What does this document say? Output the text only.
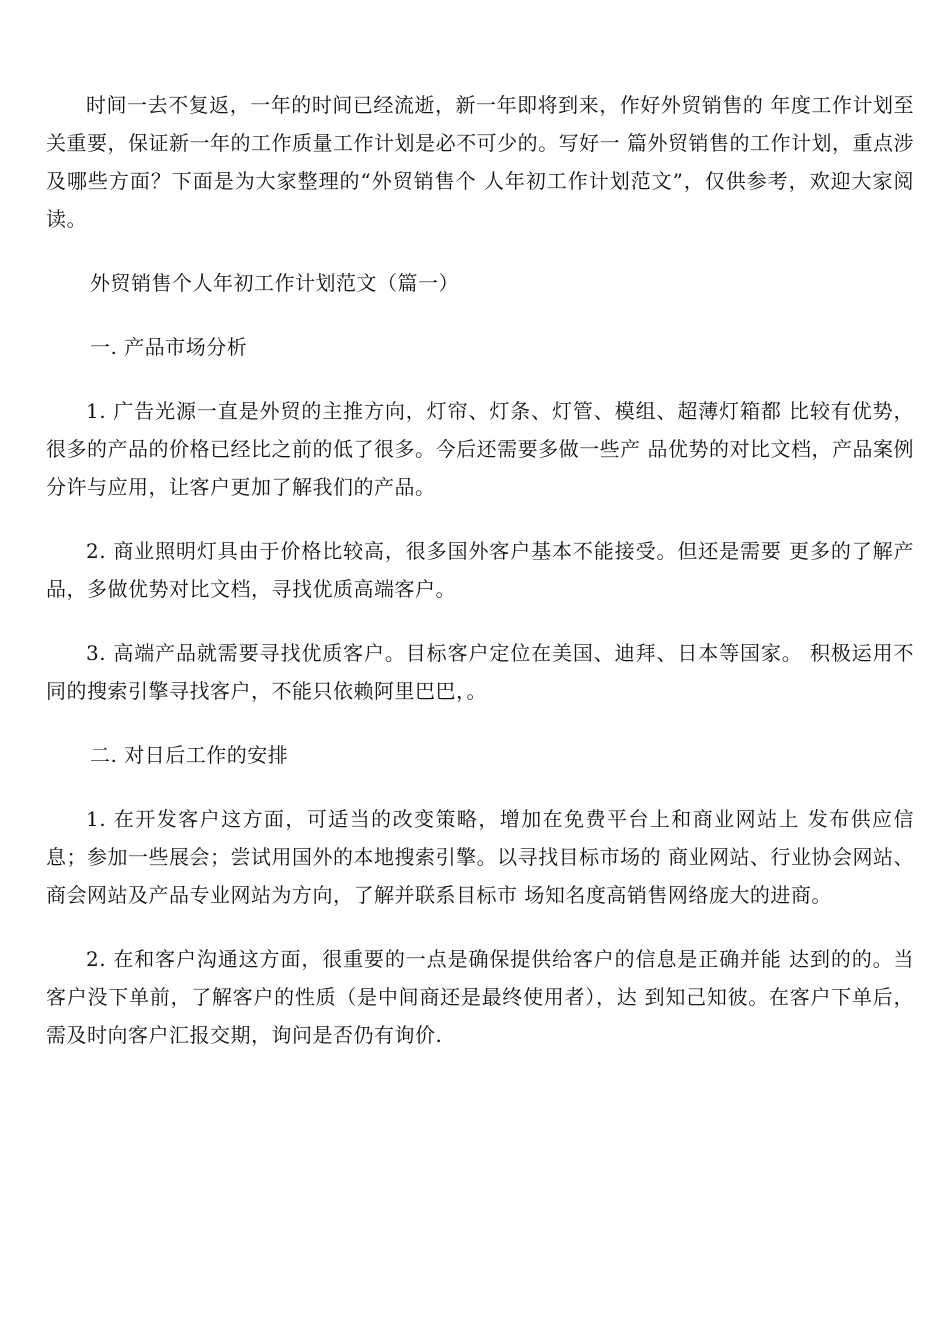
时间一去不复返，一年的时间已经流逝，新一年即将到来，作好外贸销售的 年度工作计划至关重要，保证新一年的工作质量工作计划是必不可少的。写好一 篇外贸销售的工作计划，重点涉及哪些方面？下面是为大家整理的“外贸销售个 人年初工作计划范文”，仅供参考，欢迎大家阅读。

外贸销售个人年初工作计划范文（篇一）

一. 产品市场分析

1. 广告光源一直是外贸的主推方向，灯帘、灯条、灯管、模组、超薄灯箱都 比较有优势，很多的产品的价格已经比之前的低了很多。今后还需要多做一些产 品优势的对比文档，产品案例分许与应用，让客户更加了解我们的产品。

2. 商业照明灯具由于价格比较高，很多国外客户基本不能接受。但还是需要 更多的了解产品，多做优势对比文档，寻找优质高端客户。

3. 高端产品就需要寻找优质客户。目标客户定位在美国、迪拜、日本等国家。 积极运用不同的搜索引擎寻找客户，不能只依赖阿里巴巴，。

二. 对日后工作的安排

1. 在开发客户这方面，可适当的改变策略，增加在免费平台上和商业网站上 发布供应信息；参加一些展会；尝试用国外的本地搜索引擎。以寻找目标市场的 商业网站、行业协会网站、商会网站及产品专业网站为方向，了解并联系目标市 场知名度高销售网络庞大的进商。

2. 在和客户沟通这方面，很重要的一点是确保提供给客户的信息是正确并能 达到的的。当客户没下单前，了解客户的性质（是中间商还是最终使用者），达 到知己知彼。在客户下单后，需及时向客户汇报交期，询问是否仍有询价.
